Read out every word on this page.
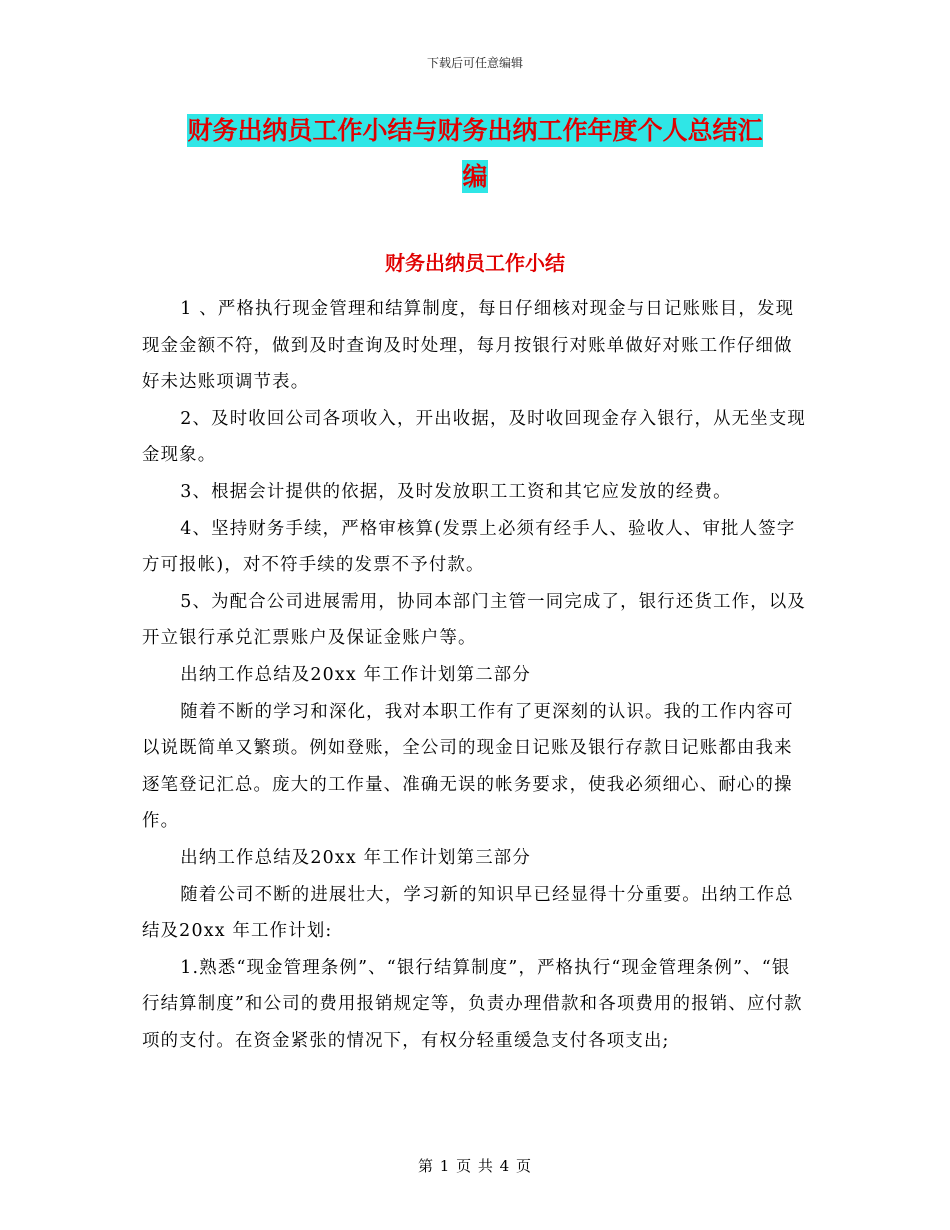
下载后可任意编辑
财务出纳员工作小结与财务出纳工作年度个人总结汇
编
财务出纳员工作小结

1 、严格执行现金管理和结算制度，每日仔细核对现金与日记账账目，发现现金金额不符，做到及时查询及时处理，每月按银行对账单做好对账工作仔细做好未达账项调节表。

2、及时收回公司各项收入，开出收据，及时收回现金存入银行，从无坐支现金现象。

3、根据会计提供的依据，及时发放职工工资和其它应发放的经费。

4、坚持财务手续，严格审核算(发票上必须有经手人、验收人、审批人签字方可报帐)，对不符手续的发票不予付款。

5、为配合公司进展需用，协同本部门主管一同完成了，银行还货工作，以及开立银行承兑汇票账户及保证金账户等。

出纳工作总结及20xx 年工作计划第二部分

随着不断的学习和深化，我对本职工作有了更深刻的认识。我的工作内容可以说既简单又繁琐。例如登账，全公司的现金日记账及银行存款日记账都由我来逐笔登记汇总。庞大的工作量、准确无误的帐务要求，使我必须细心、耐心的操作。

出纳工作总结及20xx 年工作计划第三部分

随着公司不断的进展壮大，学习新的知识早已经显得十分重要。出纳工作总结及20xx 年工作计划:

1.熟悉“现金管理条例”、“银行结算制度”，严格执行“现金管理条例”、“银行结算制度”和公司的费用报销规定等，负责办理借款和各项费用的报销、应付款项的支付。在资金紧张的情况下，有权分轻重缓急支付各项支出;

第 1 页 共 4 页
